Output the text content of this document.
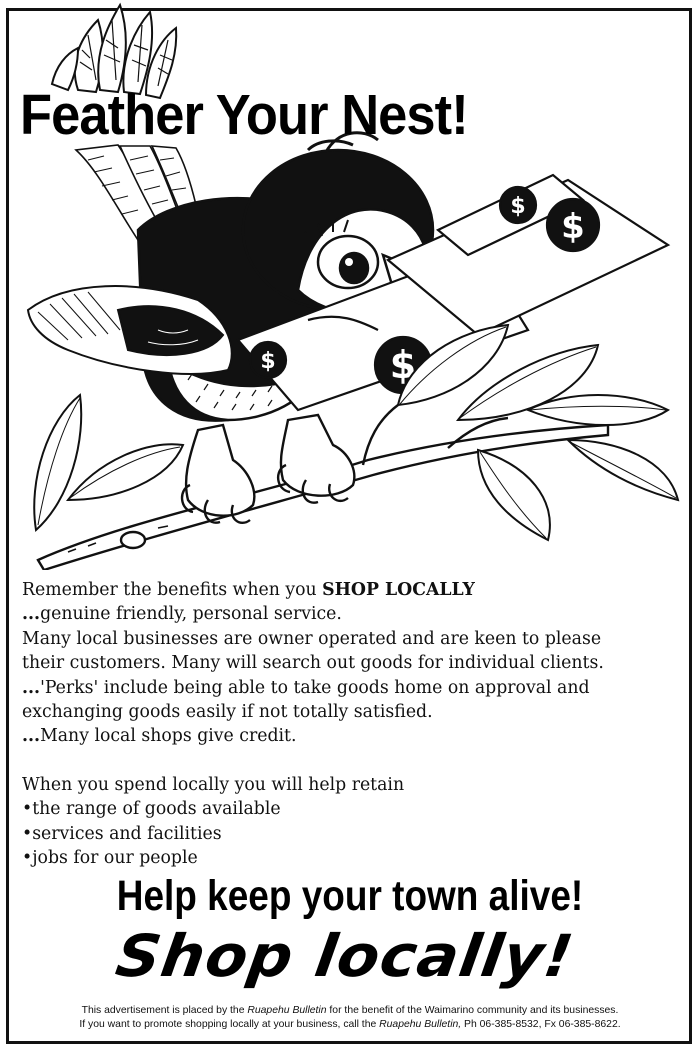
$
$
$
$
Feather Your Nest!

Remember the benefits when you SHOP LOCALLY

...genuine friendly, personal service.

Many local businesses are owner operated and are keen to please

their customers. Many will search out goods for individual clients.

...'Perks' include being able to take goods home on approval and

exchanging goods easily if not totally satisfied.

...Many local shops give credit.

When you spend locally you will help retain

•the range of goods available

•services and facilities

•jobs for our people

Help keep your town alive!
Shop locally!

This advertisement is placed by the Ruapehu Bulletin for the benefit of the Waimarino community and its businesses.

If you want to promote shopping locally at your business, call the Ruapehu Bulletin, Ph 06-385-8532, Fx 06-385-8622.
